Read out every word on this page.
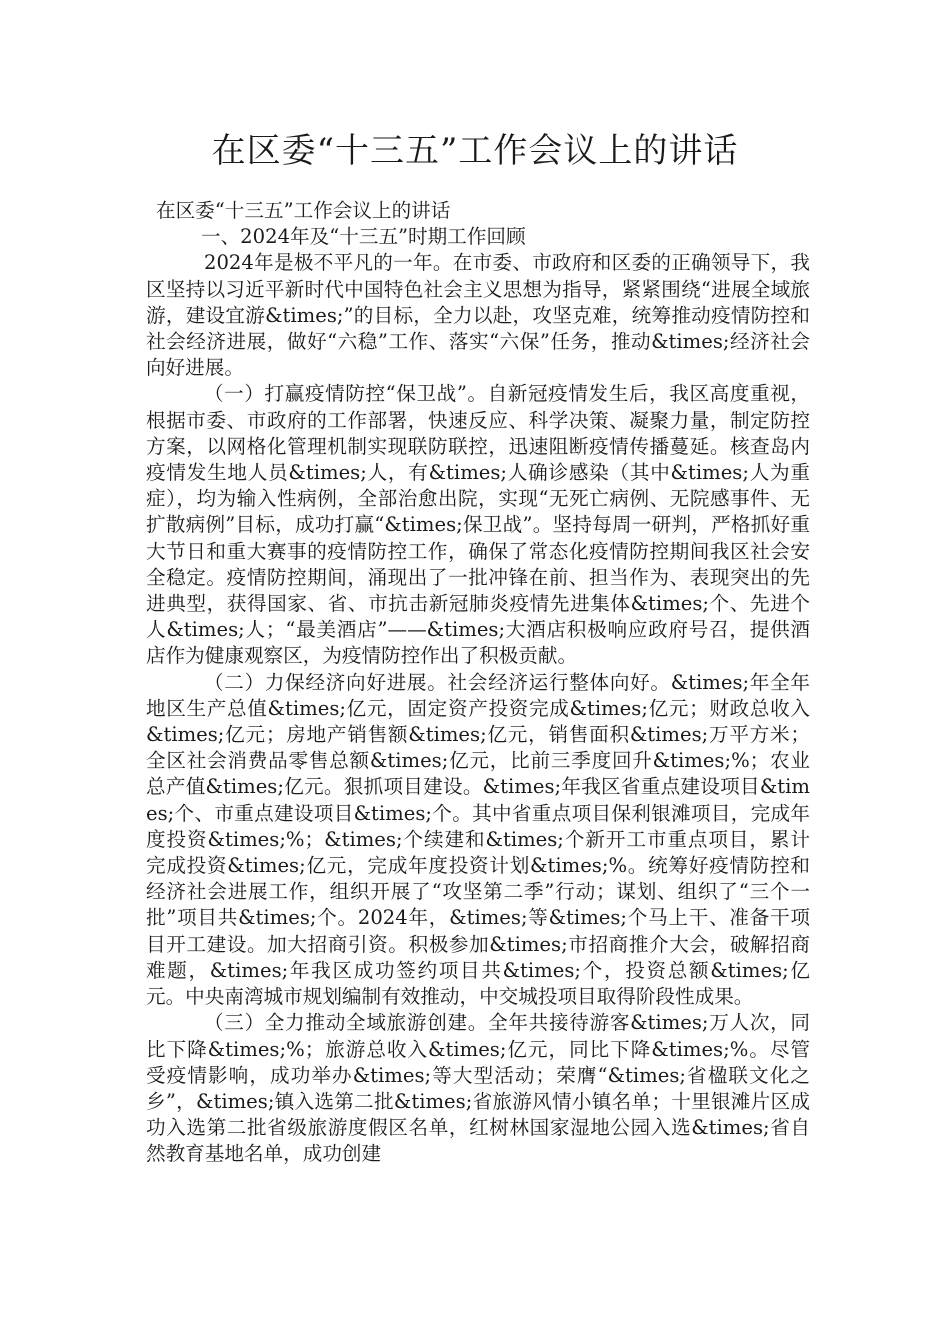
在区委“十三五”工作会议上的讲话

在区委“十三五”工作会议上的讲话

一、2024年及“十三五”时期工作回顾

2024年是极不平凡的一年。在市委、市政府和区委的正确领导下，我区坚持以习近平新时代中国特色社会主义思想为指导，紧紧围绕“进展全域旅游，建设宜游&times;”的目标，全力以赴，攻坚克难，统筹推动疫情防控和社会经济进展，做好“六稳”工作、落实“六保”任务，推动&times;经济社会向好进展。

（一）打赢疫情防控“保卫战”。自新冠疫情发生后，我区高度重视，根据市委、市政府的工作部署，快速反应、科学决策、凝聚力量，制定防控方案，以网格化管理机制实现联防联控，迅速阻断疫情传播蔓延。核查岛内疫情发生地人员&times;人，有&times;人确诊感染（其中&times;人为重症），均为输入性病例，全部治愈出院，实现“无死亡病例、无院感事件、无扩散病例”目标，成功打赢“&times;保卫战”。坚持每周一研判，严格抓好重大节日和重大赛事的疫情防控工作，确保了常态化疫情防控期间我区社会安全稳定。疫情防控期间，涌现出了一批冲锋在前、担当作为、表现突出的先进典型，获得国家、省、市抗击新冠肺炎疫情先进集体&times;个、先进个人&times;人；“最美酒店”——&times;大酒店积极响应政府号召，提供酒店作为健康观察区，为疫情防控作出了积极贡献。

（二）力保经济向好进展。社会经济运行整体向好。&times;年全年地区生产总值&times;亿元，固定资产投资完成&times;亿元；财政总收入&times;亿元；房地产销售额&times;亿元，销售面积&times;万平方米；全区社会消费品零售总额&times;亿元，比前三季度回升&times;%；农业总产值&times;亿元。狠抓项目建设。&times;年我区省重点建设项目&times;个、市重点建设项目&times;个。其中省重点项目保利银滩项目，完成年度投资&times;%；&times;个续建和&times;个新开工市重点项目，累计完成投资&times;亿元，完成年度投资计划&times;%。统筹好疫情防控和经济社会进展工作，组织开展了“攻坚第二季”行动；谋划、组织了“三个一批”项目共&times;个。2024年，&times;等&times;个马上干、准备干项目开工建设。加大招商引资。积极参加&times;市招商推介大会，破解招商难题，&times;年我区成功签约项目共&times;个，投资总额&times;亿元。中央南湾城市规划编制有效推动，中交城投项目取得阶段性成果。

（三）全力推动全域旅游创建。全年共接待游客&times;万人次，同比下降&times;%；旅游总收入&times;亿元，同比下降&times;%。尽管受疫情影响，成功举办&times;等大型活动；荣膺“&times;省楹联文化之乡”，&times;镇入选第二批&times;省旅游风情小镇名单；十里银滩片区成功入选第二批省级旅游度假区名单，红树林国家湿地公园入选&times;省自然教育基地名单，成功创建
